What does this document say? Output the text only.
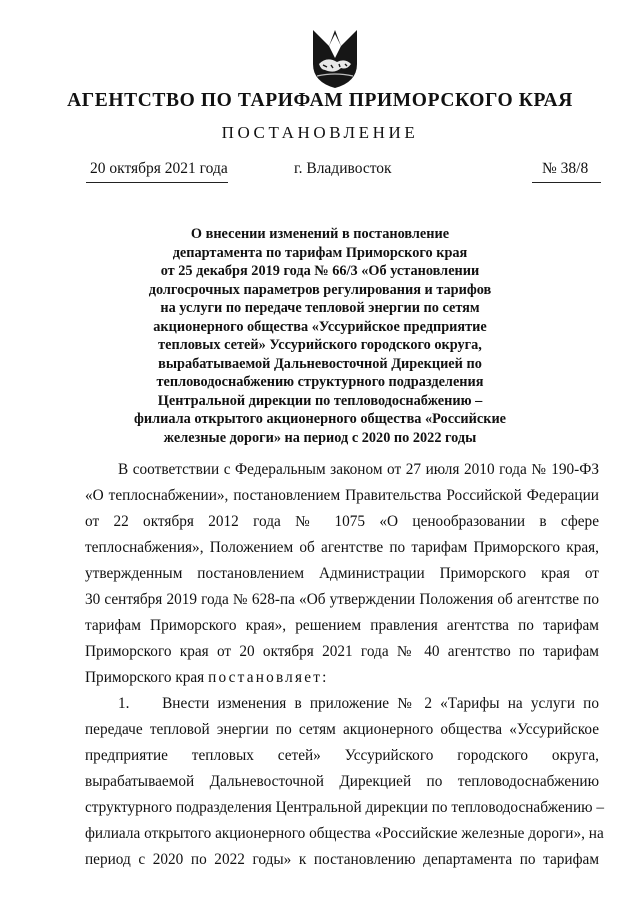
АГЕНТСТВО ПО ТАРИФАМ ПРИМОРСКОГО КРАЯ
ПОСТАНОВЛЕНИЕ
20 октября 2021 года	г. Владивосток	№ 38/8
О внесении изменений в постановление
департамента по тарифам Приморского края
от 25 декабря 2019 года № 66/3 «Об установлении
долгосрочных параметров регулирования и тарифов
на услуги по передаче тепловой энергии по сетям
акционерного общества «Уссурийское предприятие
тепловых сетей» Уссурийского городского округа,
вырабатываемой Дальневосточной Дирекцией по
тепловодоснабжению структурного подразделения
Центральной дирекции по тепловодоснабжению –
филиала открытого акционерного общества «Российские
железные дороги» на период с 2020 по 2022 годы
В соответствии с Федеральным законом от 27 июля 2010 года № 190-ФЗ
«О теплоснабжении», постановлением Правительства Российской Федерации
от 22 октября 2012 года № 1075 «О ценообразовании в сфере
теплоснабжения», Положением об агентстве по тарифам Приморского края,
утвержденным постановлением Администрации Приморского края от
30 сентября 2019 года № 628-па «Об утверждении Положения об агентстве по
тарифам Приморского края», решением правления агентства по тарифам
Приморского края от 20 октября 2021 года № 40 агентство по тарифам
Приморского края постановляет:
1.    Внести изменения в приложение № 2 «Тарифы на услуги по
передаче тепловой энергии по сетям акционерного общества «Уссурийское
предприятие тепловых сетей» Уссурийского городского округа,
вырабатываемой Дальневосточной Дирекцией по тепловодоснабжению
структурного подразделения Центральной дирекции по тепловодоснабжению –
филиала открытого акционерного общества «Российские железные дороги», на
период с 2020 по 2022 годы» к постановлению департамента по тарифам
